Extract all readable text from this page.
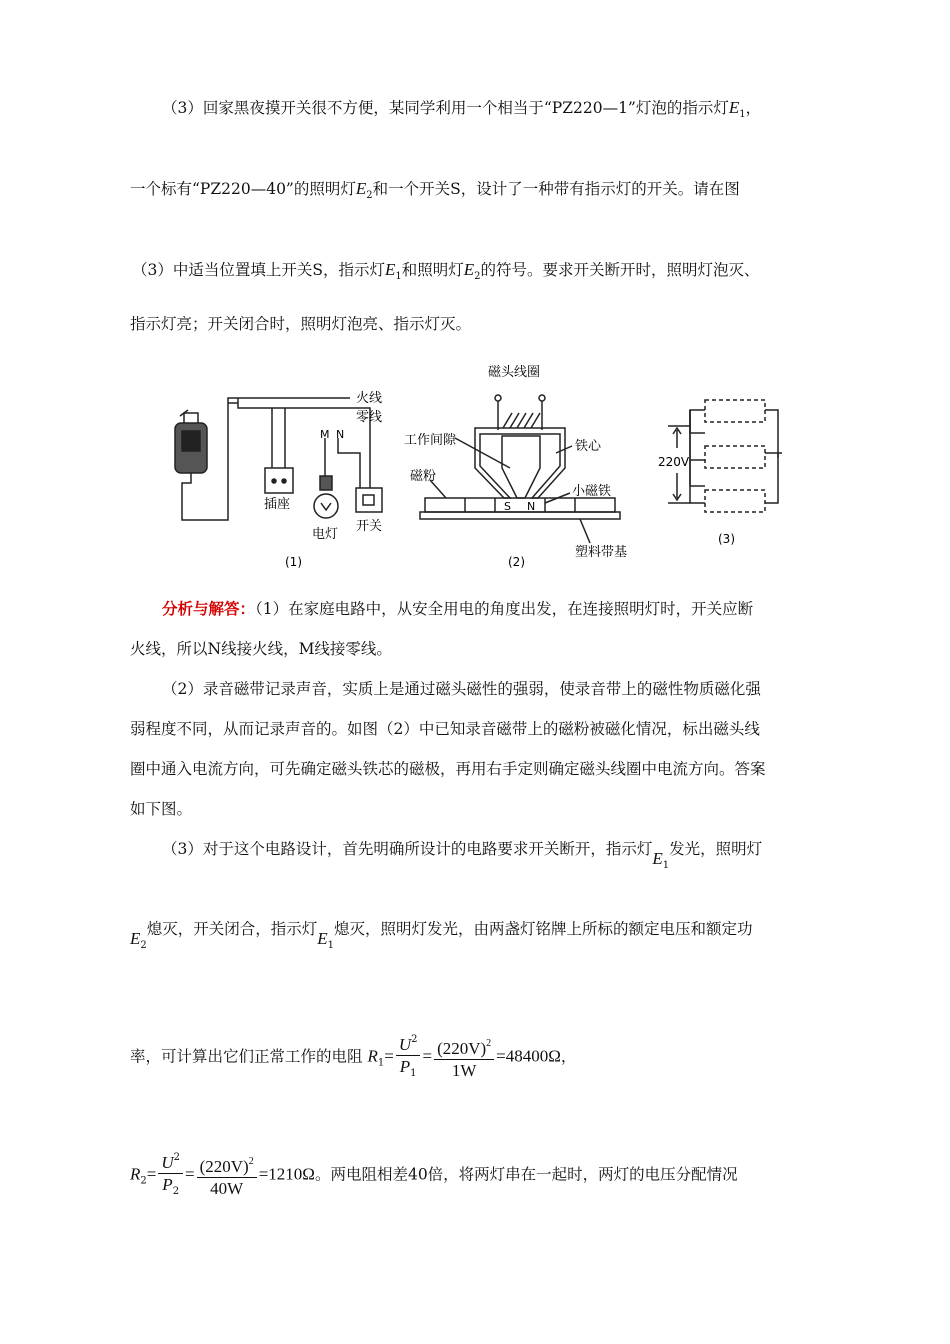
（3）回家黑夜摸开关很不方便，某同学利用一个相当于“PZ220—1”灯泡的指示灯$E_1$，
一个标有“PZ220—40”的照明灯$E_2$和一个开关S，设计了一种带有指示灯的开关。请在图
（3）中适当位置填上开关S，指示灯$E_1$和照明灯$E_2$的符号。要求开关断开时，照明灯泡灭、
指示灯亮；开关闭合时，照明灯泡亮、指示灯灭。
火线
零线
M N
插座
电灯
开关
(1)
磁头线圈
工作间隙	铁心
磁粉
小磁铁
S N
塑料带基
(2)
220V
(3)
分析与解答：（1）在家庭电路中，从安全用电的角度出发，在连接照明灯时，开关应断
火线，所以N线接火线，M线接零线。
（2）录音磁带记录声音，实质上是通过磁头磁性的强弱，使录音带上的磁性物质磁化强
弱程度不同，从而记录声音的。如图（2）中已知录音磁带上的磁粉被磁化情况，标出磁头线
圈中通入电流方向，可先确定磁头铁芯的磁极，再用右手定则确定磁头线圈中电流方向。答案
如下图。
（3）对于这个电路设计，首先明确所设计的电路要求开关断开，指示灯$E_1$发光，照明灯
$E_2$熄灭，开关闭合，指示灯$E_1$熄灭，照明灯发光，由两盏灯铭牌上所标的额定电压和额定功
率，可计算出它们正常工作的电阻 $R_1= \frac{U^2}{P_1} = \frac{(220V)^2}{1W} =48400\Omega$，
$R_2= \frac{U^2}{P_2} = \frac{(220V)^2}{40W} =1210\Omega$。两电阻相差40倍，将两灯串在一起时，两灯的电压分配情况
